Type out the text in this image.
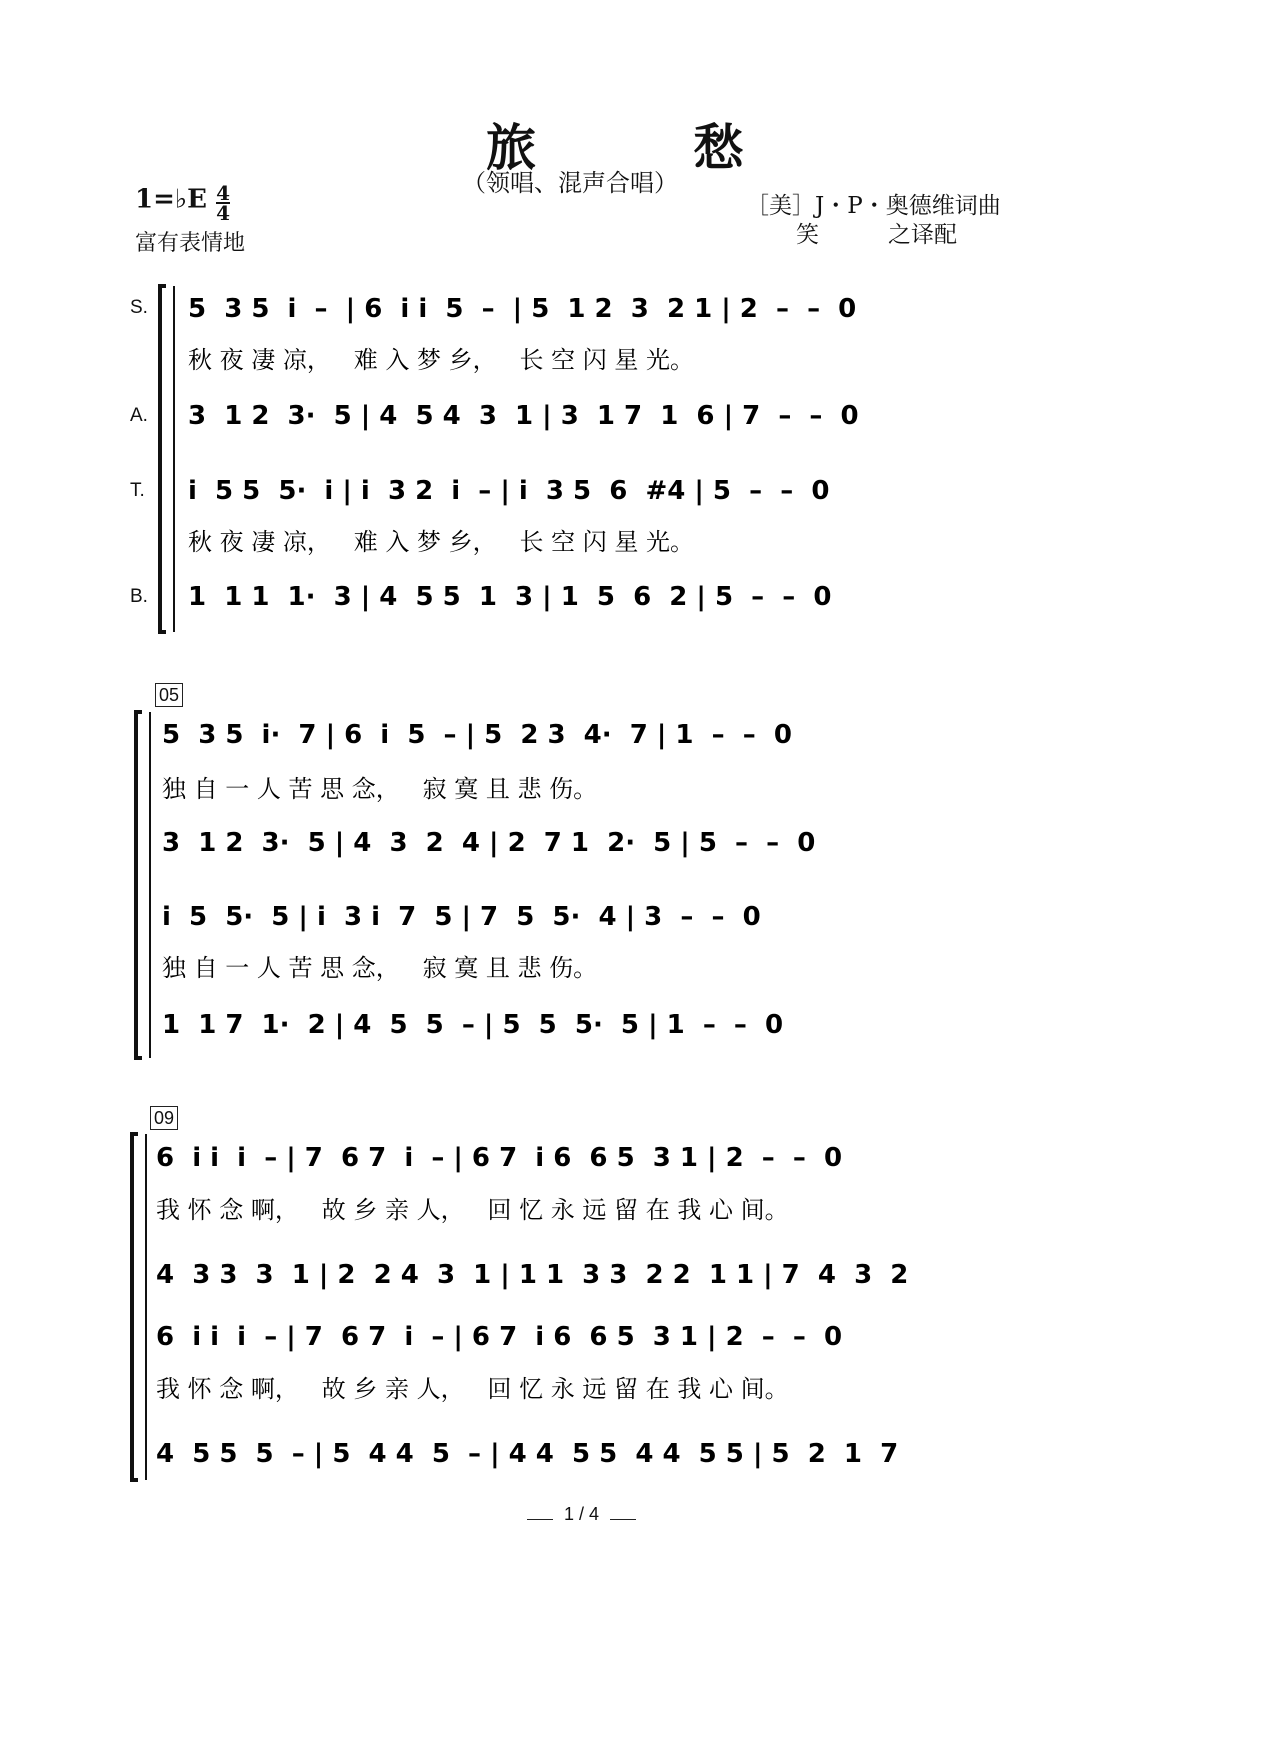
旅 愁
（领唱、混声合唱）
1=♭E $\frac{4}{4}$
富有表情地
［美］J・P・奥德维词曲
笑　　　之译配
S.
A.
T.
B.
05
09
5  3 5  i  –  | 6  i i  5  –  | 5  1 2  3  2 1 | 2  –  –  0
秋 夜 凄 凉，   难 入 梦 乡，   长 空 闪 星 光。
3  1 2  3·  5 | 4  5 4  3  1 | 3  1 7  1  6 | 7  –  –  0
i  5 5  5·  i | i  3 2  i  – | i  3 5  6  #4 | 5  –  –  0
秋 夜 凄 凉，   难 入 梦 乡，   长 空 闪 星 光。
1  1 1  1·  3 | 4  5 5  1  3 | 1  5  6  2 | 5  –  –  0
5  3 5  i·  7 | 6  i  5  – | 5  2 3  4·  7 | 1  –  –  0
独 自 一 人 苦 思 念，   寂 寞 且 悲 伤。
3  1 2  3·  5 | 4  3  2  4 | 2  7 1  2·  5 | 5  –  –  0
i  5  5·  5 | i  3 i  7  5 | 7  5  5·  4 | 3  –  –  0
独 自 一 人 苦 思 念，   寂 寞 且 悲 伤。
1  1 7  1·  2 | 4  5  5  – | 5  5  5·  5 | 1  –  –  0
6  i i  i  – | 7  6 7  i  – | 6 7  i 6  6 5  3 1 | 2  –  –  0
我 怀 念 啊，   故 乡 亲 人，   回 忆 永 远 留 在 我 心 间。
4  3 3  3  1 | 2  2 4  3  1 | 1 1  3 3  2 2  1 1 | 7  4  3  2
6  i i  i  – | 7  6 7  i  – | 6 7  i 6  6 5  3 1 | 2  –  –  0
我 怀 念 啊，   故 乡 亲 人，   回 忆 永 远 留 在 我 心 间。
4  5 5  5  – | 5  4 4  5  – | 4 4  5 5  4 4  5 5 | 5  2  1  7
1 / 4
